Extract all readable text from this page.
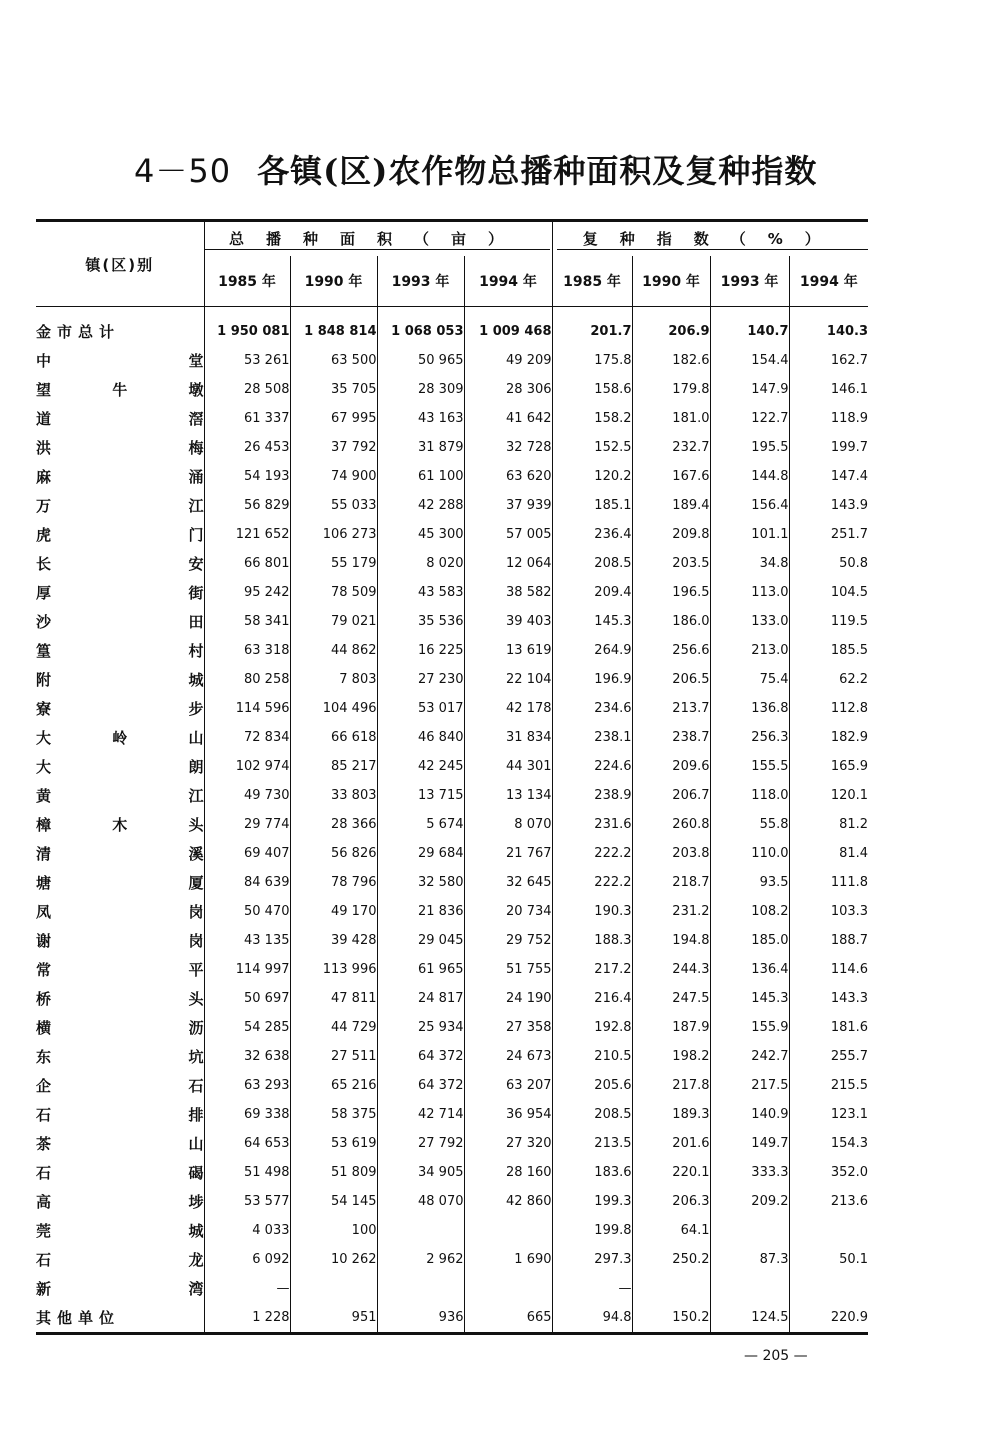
4－50 各镇(区)农作物总播种面积及复种指数
镇(区)别	总播种面积（亩）				复种指数（%）			

	1985 年	1990 年	1993 年	1994 年	1985 年	1990 年	1993 年	1994 年

金市总计	1 950 081	1 848 814	1 068 053	1 009 468	201.7	206.9	140.7	140.3

中 堂	53 261	63 500	50 965	49 209	175.8	182.6	154.4	162.7

望 牛 墩	28 508	35 705	28 309	28 306	158.6	179.8	147.9	146.1

道 滘	61 337	67 995	43 163	41 642	158.2	181.0	122.7	118.9

洪 梅	26 453	37 792	31 879	32 728	152.5	232.7	195.5	199.7

麻 涌	54 193	74 900	61 100	63 620	120.2	167.6	144.8	147.4

万 江	56 829	55 033	42 288	37 939	185.1	189.4	156.4	143.9

虎 门	121 652	106 273	45 300	57 005	236.4	209.8	101.1	251.7

长 安	66 801	55 179	8 020	12 064	208.5	203.5	34.8	50.8

厚 街	95 242	78 509	43 583	38 582	209.4	196.5	113.0	104.5

沙 田	58 341	79 021	35 536	39 403	145.3	186.0	133.0	119.5

篁 村	63 318	44 862	16 225	13 619	264.9	256.6	213.0	185.5

附 城	80 258	7 803	27 230	22 104	196.9	206.5	75.4	62.2

寮 步	114 596	104 496	53 017	42 178	234.6	213.7	136.8	112.8

大 岭 山	72 834	66 618	46 840	31 834	238.1	238.7	256.3	182.9

大 朗	102 974	85 217	42 245	44 301	224.6	209.6	155.5	165.9

黄 江	49 730	33 803	13 715	13 134	238.9	206.7	118.0	120.1

樟 木 头	29 774	28 366	5 674	8 070	231.6	260.8	55.8	81.2

清 溪	69 407	56 826	29 684	21 767	222.2	203.8	110.0	81.4

塘 厦	84 639	78 796	32 580	32 645	222.2	218.7	93.5	111.8

凤 岗	50 470	49 170	21 836	20 734	190.3	231.2	108.2	103.3

谢 岗	43 135	39 428	29 045	29 752	188.3	194.8	185.0	188.7

常 平	114 997	113 996	61 965	51 755	217.2	244.3	136.4	114.6

桥 头	50 697	47 811	24 817	24 190	216.4	247.5	145.3	143.3

横 沥	54 285	44 729	25 934	27 358	192.8	187.9	155.9	181.6

东 坑	32 638	27 511	64 372	24 673	210.5	198.2	242.7	255.7

企 石	63 293	65 216	64 372	63 207	205.6	217.8	217.5	215.5

石 排	69 338	58 375	42 714	36 954	208.5	189.3	140.9	123.1

茶 山	64 653	53 619	27 792	27 320	213.5	201.6	149.7	154.3

石 碣	51 498	51 809	34 905	28 160	183.6	220.1	333.3	352.0

高 埗	53 577	54 145	48 070	42 860	199.3	206.3	209.2	213.6

莞 城	4 033	100			199.8	64.1		

石 龙	6 092	10 262	2 962	1 690	297.3	250.2	87.3	50.1

新 湾	—				—			

其他单位	1 228	951	936	665	94.8	150.2	124.5	220.9
— 205 —
